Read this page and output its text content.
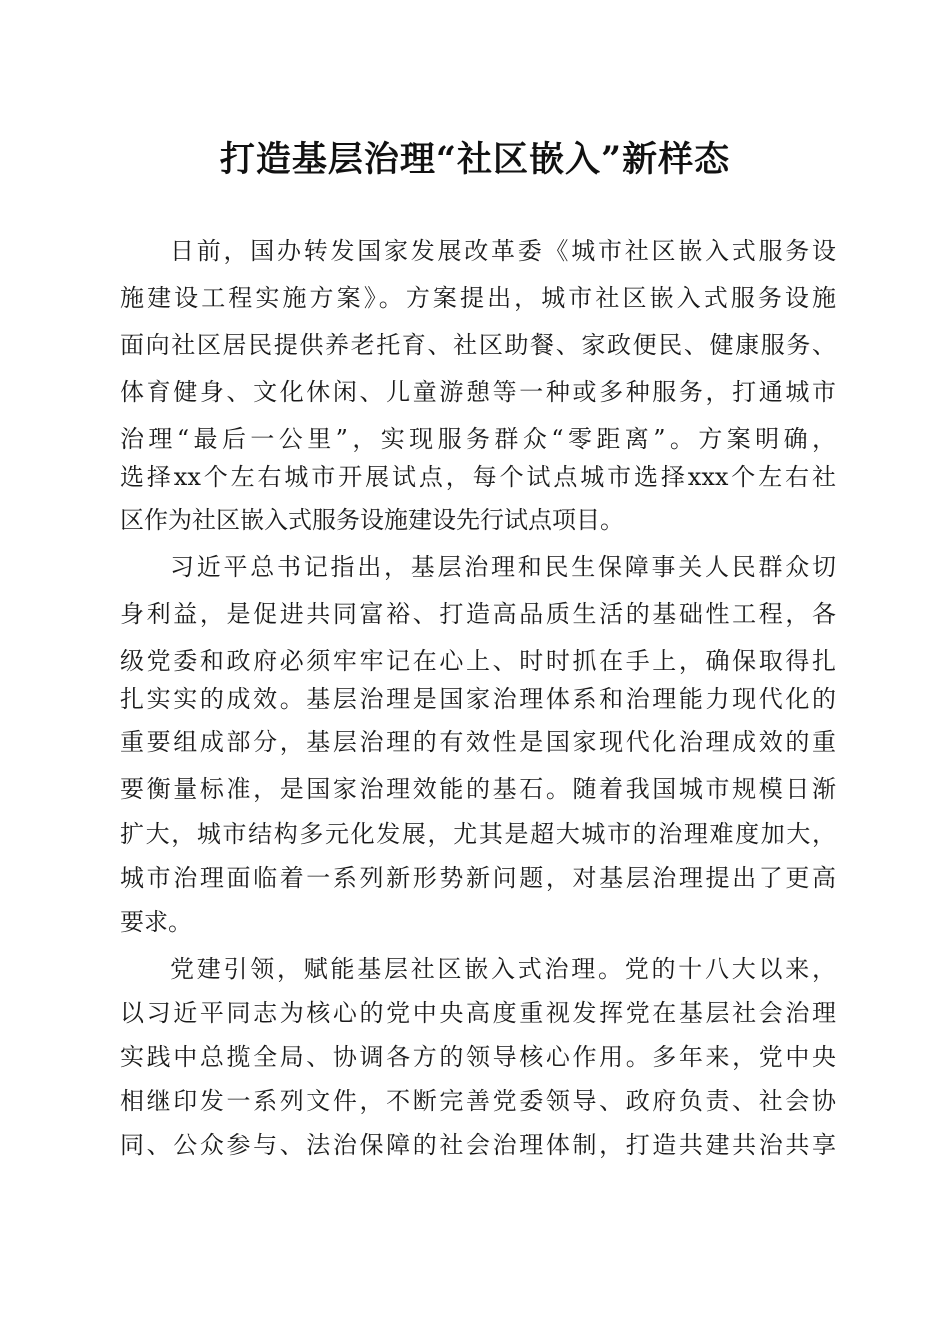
打造基层治理“社区嵌入”新样态
日前，国办转发国家发展改革委《城市社区嵌入式服务设
施建设工程实施方案》。方案提出，城市社区嵌入式服务设施
面向社区居民提供养老托育、社区助餐、家政便民、健康服务、
体育健身、文化休闲、儿童游憩等一种或多种服务，打通城市
治理“最后一公里”，实现服务群众“零距离”。方案明确，
选择xx个左右城市开展试点，每个试点城市选择xxx个左右社
区作为社区嵌入式服务设施建设先行试点项目。
习近平总书记指出，基层治理和民生保障事关人民群众切
身利益，是促进共同富裕、打造高品质生活的基础性工程，各
级党委和政府必须牢牢记在心上、时时抓在手上，确保取得扎
扎实实的成效。基层治理是国家治理体系和治理能力现代化的
重要组成部分，基层治理的有效性是国家现代化治理成效的重
要衡量标准，是国家治理效能的基石。随着我国城市规模日渐
扩大，城市结构多元化发展，尤其是超大城市的治理难度加大，
城市治理面临着一系列新形势新问题，对基层治理提出了更高
要求。
党建引领，赋能基层社区嵌入式治理。党的十八大以来，
以习近平同志为核心的党中央高度重视发挥党在基层社会治理
实践中总揽全局、协调各方的领导核心作用。多年来，党中央
相继印发一系列文件，不断完善党委领导、政府负责、社会协
同、公众参与、法治保障的社会治理体制，打造共建共治共享
